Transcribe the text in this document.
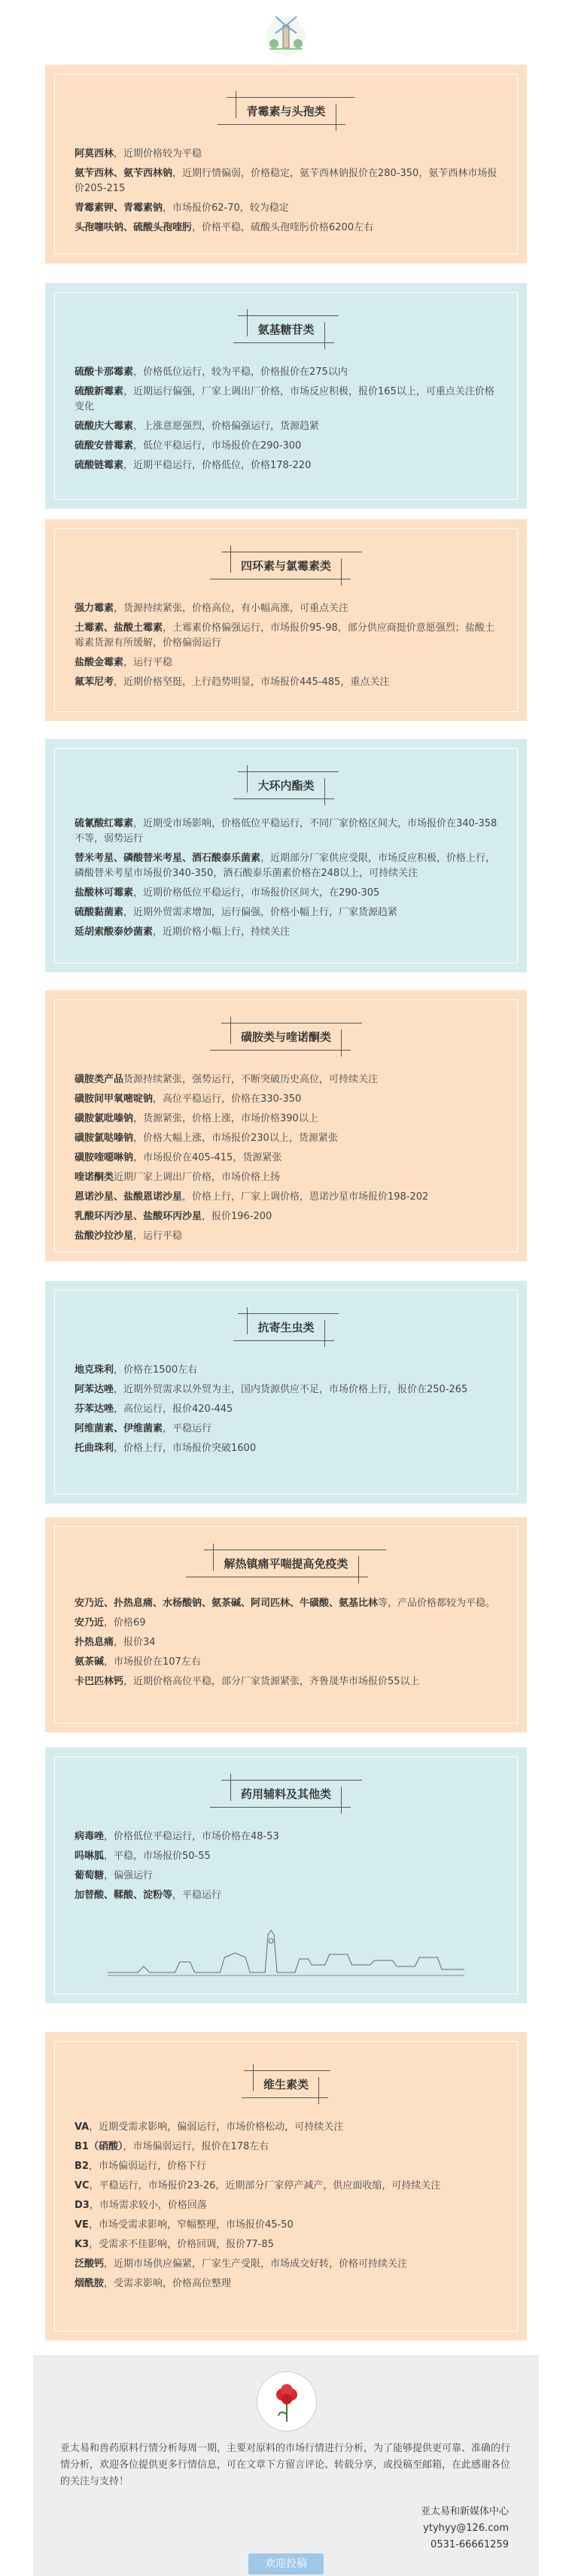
青霉素与头孢类
阿莫西林，近期价格较为平稳
氨苄西林、氨苄西林钠，近期行情偏弱，价格稳定，氨苄西林钠报价在280-350，氨苄西林市场报价205-215
青霉素钾、青霉素钠，市场报价62-70，较为稳定
头孢噻呋钠、硫酸头孢喹肟，价格平稳，硫酸头孢喹肟价格6200左右
氨基糖苷类
硫酸卡那霉素，价格低位运行，较为平稳，价格报价在275以内
硫酸新霉素，近期运行偏强，厂家上调出厂价格，市场反应积极，报价165以上，可重点关注价格变化
硫酸庆大霉素，上涨意愿强烈，价格偏强运行，货源趋紧
硫酸安普霉素，低位平稳运行，市场报价在290-300
硫酸链霉素，近期平稳运行，价格低位，价格178-220
四环素与氯霉素类
强力霉素，货源持续紧张，价格高位，有小幅高涨，可重点关注
土霉素、盐酸土霉素，土霉素价格偏强运行，市场报价95-98，部分供应商挺价意愿强烈；盐酸土霉素货源有所缓解，价格偏弱运行
盐酸金霉素，运行平稳
氟苯尼考，近期价格坚挺，上行趋势明显，市场报价445-485，重点关注
大环内酯类
硫氰酸红霉素，近期受市场影响，价格低位平稳运行，不同厂家价格区间大，市场报价在340-358不等，弱势运行
替米考星、磷酸替米考星、酒石酸泰乐菌素，近期部分厂家供应受限，市场反应积极，价格上行，磷酸替米考星市场报价340-350，酒石酸泰乐菌素价格在248以上，可持续关注
盐酸林可霉素，近期价格低位平稳运行，市场报价区间大，在290-305
硫酸黏菌素，近期外贸需求增加，运行偏强，价格小幅上行，厂家货源趋紧
延胡索酸泰妙菌素，近期价格小幅上行，持续关注
磺胺类与喹诺酮类
磺胺类产品货源持续紧张，强势运行，不断突破历史高位，可持续关注
磺胺间甲氧嘧啶钠，高位平稳运行，价格在330-350
磺胺氯吡嗪钠，货源紧张，价格上涨，市场价格390以上
磺胺氯哒嗪钠，价格大幅上涨，市场报价230以上，货源紧张
磺胺喹噁啉钠，市场报价在405-415，货源紧张
喹诺酮类近期厂家上调出厂价格，市场价格上扬
恩诺沙星、盐酸恩诺沙星，价格上行，厂家上调价格，恩诺沙星市场报价198-202
乳酸环丙沙星、盐酸环丙沙星，报价196-200
盐酸沙拉沙星，运行平稳
抗寄生虫类
地克珠利，价格在1500左右
阿苯达唑，近期外贸需求以外贸为主，国内货源供应不足，市场价格上行，报价在250-265
芬苯达唑，高位运行，报价420-445
阿维菌素、伊维菌素，平稳运行
托曲珠利，价格上行，市场报价突破1600
解热镇痛平喘提高免疫类
安乃近、扑热息痛、水杨酸钠、氨茶碱、阿司匹林、牛磺酸、氨基比林等，产品价格都较为平稳。
安乃近，价格69
扑热息痛，报价34
氨茶碱，市场报价在107左右
卡巴匹林钙，近期价格高位平稳，部分厂家货源紧张，齐鲁晟华市场报价55以上
药用辅料及其他类
病毒唑，价格低位平稳运行，市场价格在48-53
吗啉胍，平稳，市场报价50-55
葡萄糖，偏强运行
加替酸、鞣酸、淀粉等，平稳运行
维生素类
VA，近期受需求影响，偏弱运行，市场价格松动，可持续关注
B1（硝酸），市场偏弱运行，报价在178左右
B2，市场偏弱运行，价格下行
VC，平稳运行，市场报价23-26，近期部分厂家停产减产，供应面收缩，可持续关注
D3，市场需求较小，价格回落
VE，市场受需求影响，窄幅整理，市场报价45-50
K3，受需求不佳影响，价格回调，报价77-85
泛酸钙，近期市场供应偏紧，厂家生产受限，市场成交好转，价格可持续关注
烟酰胺，受需求影响，价格高位整理
亚太易和兽药原料行情分析每周一期，主要对原料的市场行情进行分析，为了能够提供更可靠、准确的行情分析，欢迎各位提供更多行情信息，可在文章下方留言评论、转载分享，或投稿至邮箱，在此感谢各位的关注与支持！
亚太易和新媒体中心
ytyhyy@126.com
0531-66661259
欢迎投稿
